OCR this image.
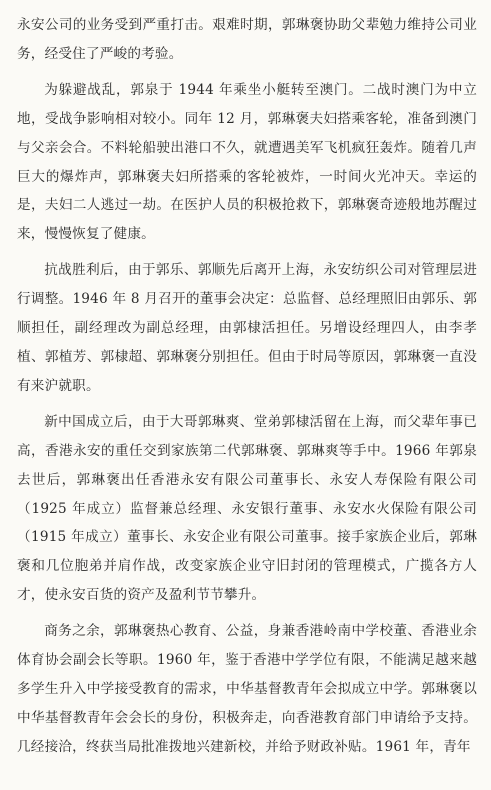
永安公司的业务受到严重打击。艰难时期，郭琳褒协助父辈勉力维持公司业务，经受住了严峻的考验。

为躲避战乱，郭泉于 1944 年乘坐小艇转至澳门。二战时澳门为中立地，受战争影响相对较小。同年 12 月，郭琳褒夫妇搭乘客轮，准备到澳门与父亲会合。不料轮船驶出港口不久，就遭遇美军飞机疯狂轰炸。随着几声巨大的爆炸声，郭琳褒夫妇所搭乘的客轮被炸，一时间火光冲天。幸运的是，夫妇二人逃过一劫。在医护人员的积极抢救下，郭琳褒奇迹般地苏醒过来，慢慢恢复了健康。

抗战胜利后，由于郭乐、郭顺先后离开上海，永安纺织公司对管理层进行调整。1946 年 8 月召开的董事会决定：总监督、总经理照旧由郭乐、郭顺担任，副经理改为副总经理，由郭棣活担任。另增设经理四人，由李孝植、郭植芳、郭棣超、郭琳褒分别担任。但由于时局等原因，郭琳褒一直没有来沪就职。

新中国成立后，由于大哥郭琳爽、堂弟郭棣活留在上海，而父辈年事已高，香港永安的重任交到家族第二代郭琳褒、郭琳爽等手中。1966 年郭泉去世后，郭琳褒出任香港永安有限公司董事长、永安人寿保险有限公司（1925 年成立）监督兼总经理、永安银行董事、永安水火保险有限公司（1915 年成立）董事长、永安企业有限公司董事。接手家族企业后，郭琳褒和几位胞弟并肩作战，改变家族企业守旧封闭的管理模式，广揽各方人才，使永安百货的资产及盈利节节攀升。

商务之余，郭琳褒热心教育、公益，身兼香港岭南中学校董、香港业余体育协会副会长等职。1960 年，鉴于香港中学学位有限，不能满足越来越多学生升入中学接受教育的需求，中华基督教青年会拟成立中学。郭琳褒以中华基督教青年会会长的身份，积极奔走，向香港教育部门申请给予支持。几经接洽，终获当局批准拨地兴建新校，并给予财政补贴。1961 年，青年
